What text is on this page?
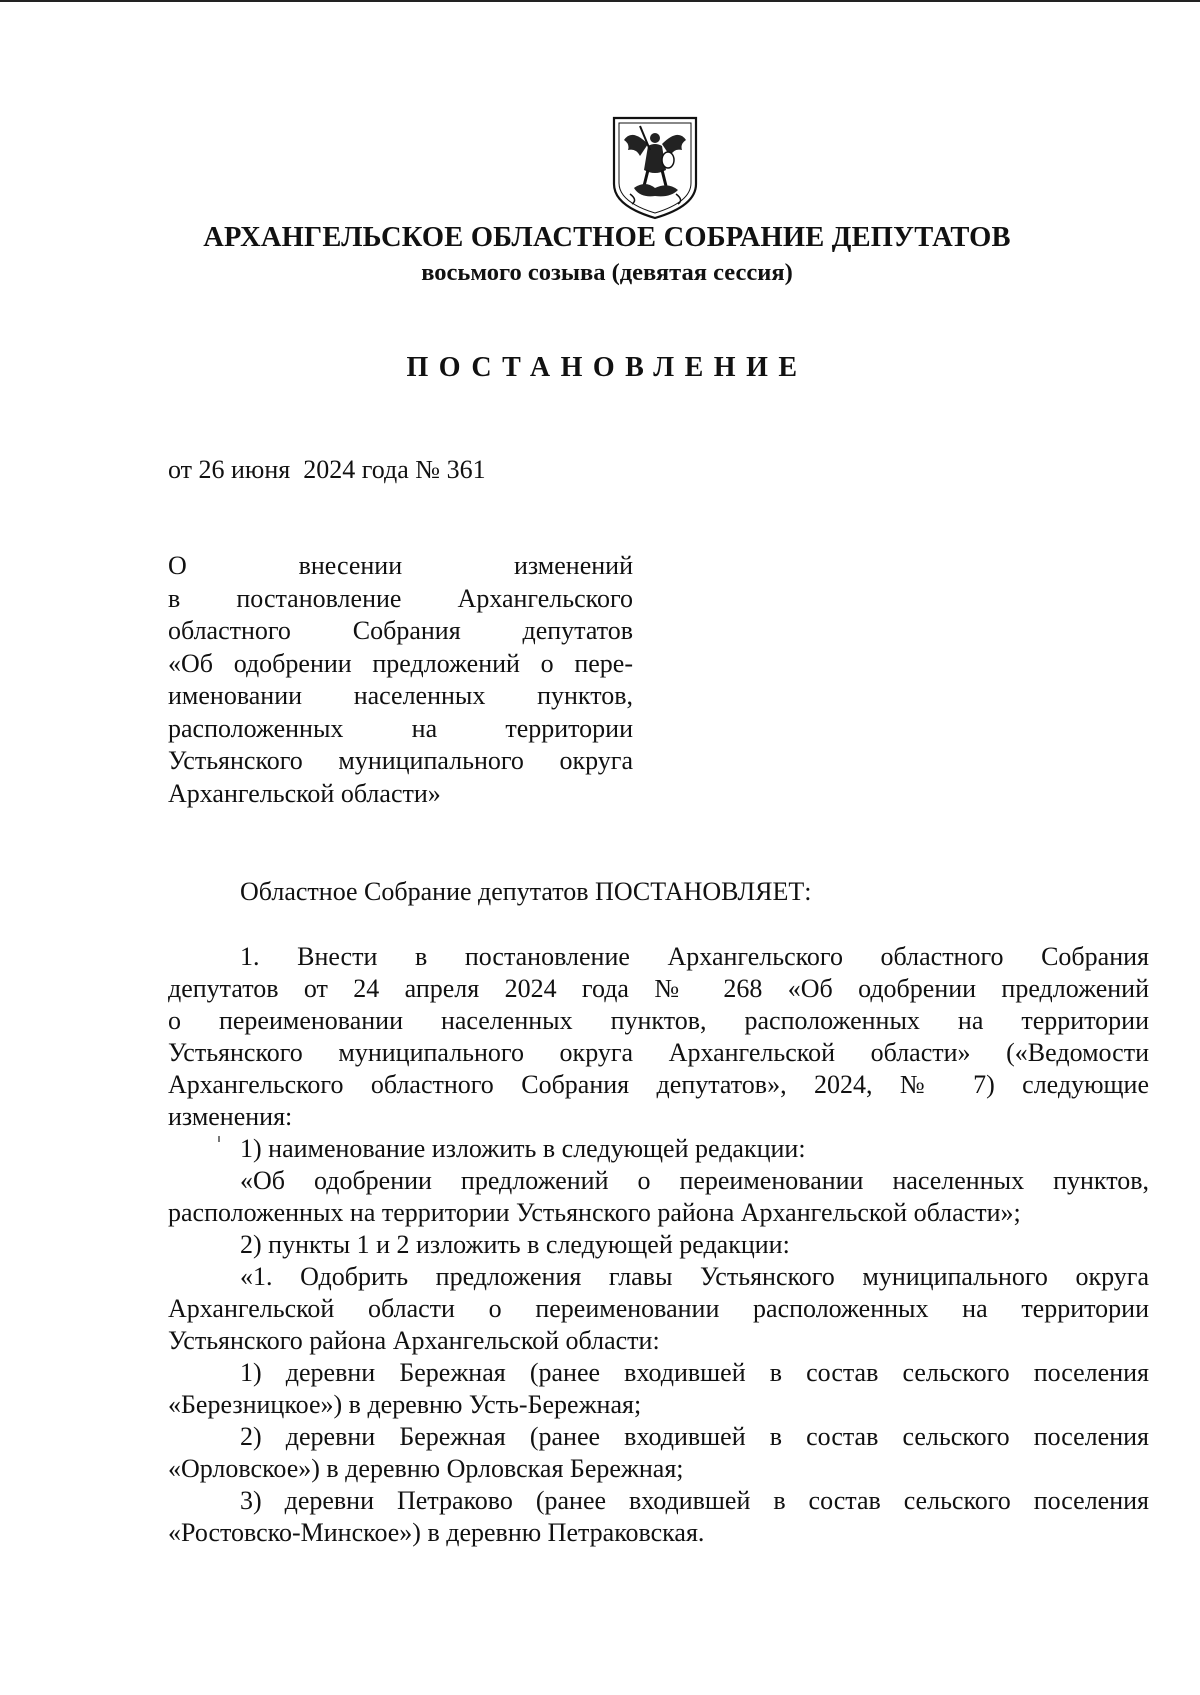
АРХАНГЕЛЬСКОЕ ОБЛАСТНОЕ СОБРАНИЕ ДЕПУТАТОВ
восьмого созыва (девятая сессия)
ПОСТАНОВЛЕНИЕ
от 26 июня  2024 года № 361
О внесении изменений
в постановление Архангельского
областного Собрания депутатов
«Об одобрении предложений о пере-
именовании населенных пунктов,
расположенных на территории
Устьянского муниципального округа
Архангельской области»
Областное Собрание депутатов ПОСТАНОВЛЯЕТ:
1. Внести в постановление Архангельского областного Собрания
депутатов от 24 апреля 2024 года № 268 «Об одобрении предложений
о переименовании населенных пунктов, расположенных на территории
Устьянского муниципального округа Архангельской области» («Ведомости
Архангельского областного Собрания депутатов», 2024, № 7) следующие
изменения:
1) наименование изложить в следующей редакции:
«Об одобрении предложений о переименовании населенных пунктов,
расположенных на территории Устьянского района Архангельской области»;
2) пункты 1 и 2 изложить в следующей редакции:
«1. Одобрить предложения главы Устьянского муниципального округа
Архангельской области о переименовании расположенных на территории
Устьянского района Архангельской области:
1) деревни Бережная (ранее входившей в состав сельского поселения
«Березницкое») в деревню Усть-Бережная;
2) деревни Бережная (ранее входившей в состав сельского поселения
«Орловское») в деревню Орловская Бережная;
3) деревни Петраково (ранее входившей в состав сельского поселения
«Ростовско-Минское») в деревню Петраковская.
